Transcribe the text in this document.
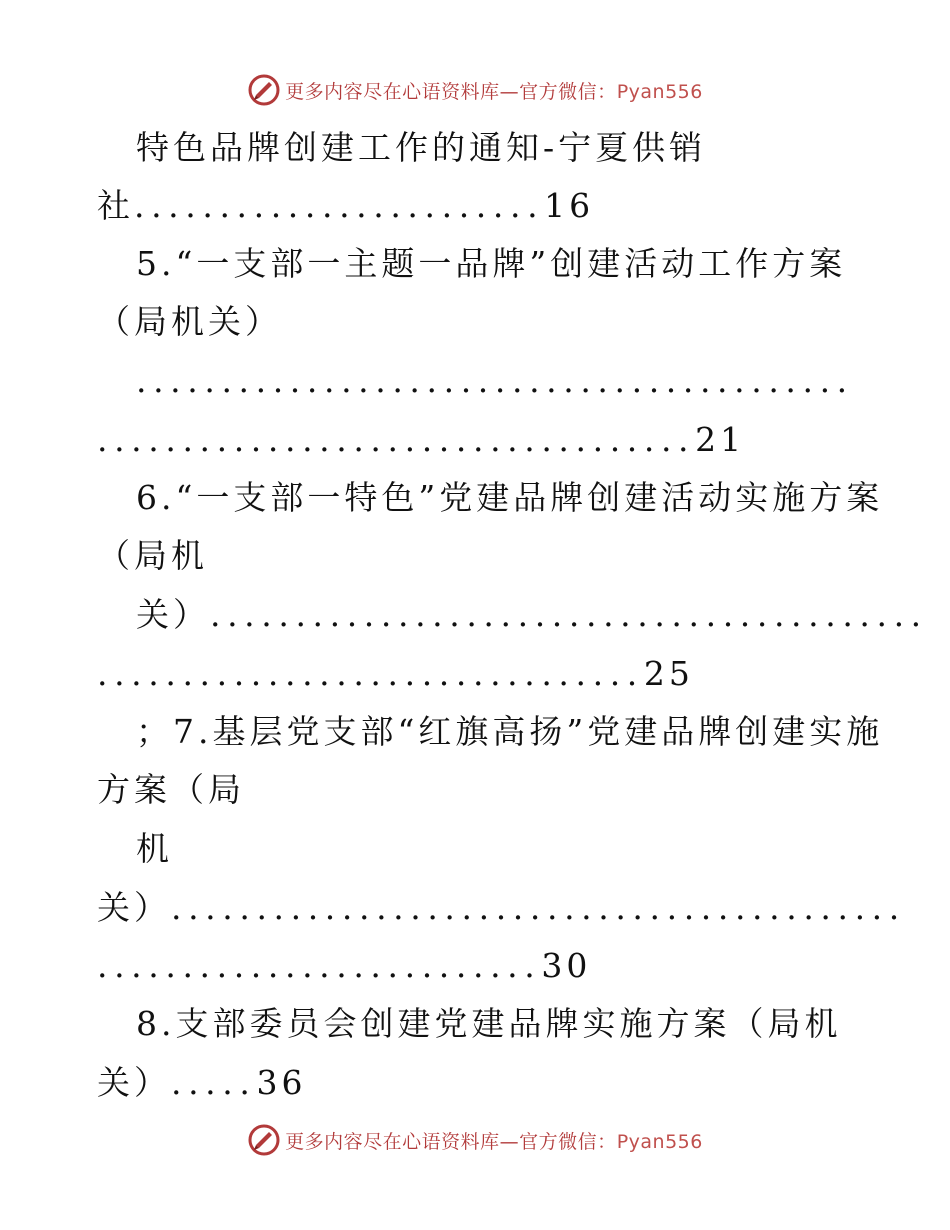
更多内容尽在心语资料库—官方微信：Pyan556
特色品牌创建工作的通知-宁夏供销
社........................16
5.“一支部一主题一品牌”创建活动工作方案
（局机关）
..........................................
...................................21
6.“一支部一特色”党建品牌创建活动实施方案
（局机
关）..........................................
................................25
；7.基层党支部“红旗高扬”党建品牌创建实施
方案（局
机
关）...........................................
..........................30
8.支部委员会创建党建品牌实施方案（局机
关）.....36
更多内容尽在心语资料库—官方微信：Pyan556
